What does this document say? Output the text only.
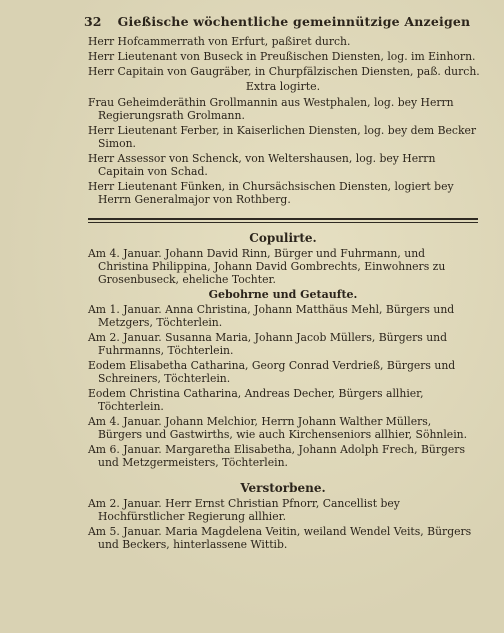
32	Gießische wöchentliche gemeinnützige Anzeigen
Herr Hofcammerrath von Erfurt, paßiret durch.
Herr Lieutenant von Buseck in Preußischen Diensten, log. im Einhorn.
Herr Capitain von Gaugräber, in Churpfälzischen Diensten, paß. durch.
Extra logirte.
Frau Geheimderäthin Grollmannin aus Westphalen, log. bey Herrn Regierungsrath Grolmann.
Herr Lieutenant Ferber, in Kaiserlichen Diensten, log. bey dem Becker Simon.
Herr Assessor von Schenck, von Weltershausen, log. bey Herrn Capitain von Schad.
Herr Lieutenant Fünken, in Chursächsischen Diensten, logiert bey Herrn Generalmajor von Rothberg.
Copulirte.
Am 4. Januar. Johann David Rinn, Bürger und Fuhrmann, und Christina Philippina, Johann David Gombrechts, Einwohners zu Grosenbuseck, eheliche Tochter.
Gebohrne und Getaufte.
Am 1. Januar. Anna Christina, Johann Matthäus Mehl, Bürgers und Metzgers, Töchterlein.
Am 2. Januar. Susanna Maria, Johann Jacob Müllers, Bürgers und Fuhrmanns, Töchterlein.
Eodem Elisabetha Catharina, Georg Conrad Verdrieß, Bürgers und Schreiners, Töchterlein.
Eodem Christina Catharina, Andreas Decher, Bürgers allhier, Töchterlein.
Am 4. Januar. Johann Melchior, Herrn Johann Walther Müllers, Bürgers und Gastwirths, wie auch Kirchenseniors allhier, Söhnlein.
Am 6. Januar. Margaretha Elisabetha, Johann Adolph Frech, Bürgers und Metzgermeisters, Töchterlein.
Verstorbene.
Am 2. Januar. Herr Ernst Christian Pfnorr, Cancellist bey Hochfürstlicher Regierung allhier.
Am 5. Januar. Maria Magdelena Veitin, weiland Wendel Veits, Bürgers und Beckers, hinterlassene Wittib.
